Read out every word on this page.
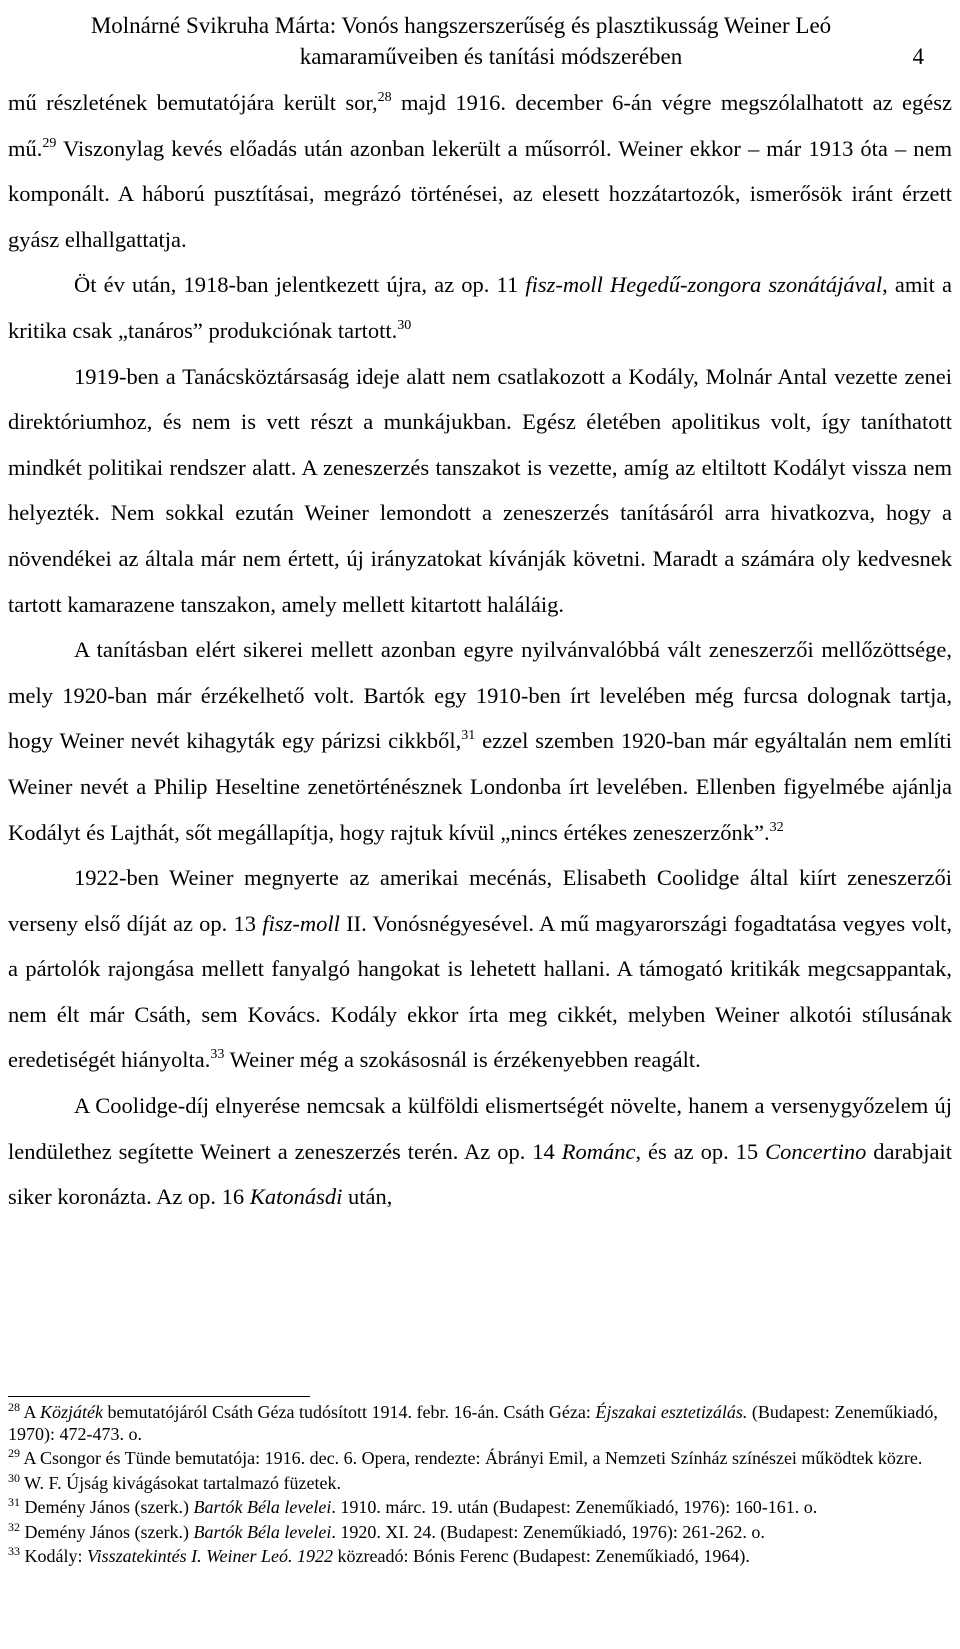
Molnárné Svikruha Márta: Vonós hangszerszerűség és plasztikusság Weiner Leó
kamaraműveiben és tanítási módszerében	4

mű részletének bemutatójára került sor,$^{28}$ majd 1916. december 6-án végre megszólalhatott az egész mű.$^{29}$ Viszonylag kevés előadás után azonban lekerült a műsorról. Weiner ekkor – már 1913 óta – nem komponált. A háború pusztításai, megrázó történései, az elesett hozzátartozók, ismerősök iránt érzett gyász elhallgattatja.

Öt év után, 1918-ban jelentkezett újra, az op. 11 fisz-moll Hegedű-zongora szonátájával, amit a kritika csak „tanáros” produkciónak tartott.$^{30}$

1919-ben a Tanácsköztársaság ideje alatt nem csatlakozott a Kodály, Molnár Antal vezette zenei direktóriumhoz, és nem is vett részt a munkájukban. Egész életében apolitikus volt, így taníthatott mindkét politikai rendszer alatt. A zeneszerzés tanszakot is vezette, amíg az eltiltott Kodályt vissza nem helyezték. Nem sokkal ezután Weiner lemondott a zeneszerzés tanításáról arra hivatkozva, hogy a növendékei az általa már nem értett, új irányzatokat kívánják követni. Maradt a számára oly kedvesnek tartott kamarazene tanszakon, amely mellett kitartott haláláig.

A tanításban elért sikerei mellett azonban egyre nyilvánvalóbbá vált zeneszerzői mellőzöttsége, mely 1920-ban már érzékelhető volt. Bartók egy 1910-ben írt levelében még furcsa dolognak tartja, hogy Weiner nevét kihagyták egy párizsi cikkből,$^{31}$ ezzel szemben 1920-ban már egyáltalán nem említi Weiner nevét a Philip Heseltine zenetörténésznek Londonba írt levelében. Ellenben figyelmébe ajánlja Kodályt és Lajthát, sőt megállapítja, hogy rajtuk kívül „nincs értékes zeneszerzőnk”.$^{32}$

1922-ben Weiner megnyerte az amerikai mecénás, Elisabeth Coolidge által kiírt zeneszerzői verseny első díját az op. 13 fisz-moll II. Vonósnégyesével. A mű magyarországi fogadtatása vegyes volt, a pártolók rajongása mellett fanyalgó hangokat is lehetett hallani. A támogató kritikák megcsappantak, nem élt már Csáth, sem Kovács. Kodály ekkor írta meg cikkét, melyben Weiner alkotói stílusának eredetiségét hiányolta.$^{33}$ Weiner még a szokásosnál is érzékenyebben reagált.

A Coolidge-díj elnyerése nemcsak a külföldi elismertségét növelte, hanem a versenygyőzelem új lendülethez segítette Weinert a zeneszerzés terén. Az op. 14 Románc, és az op. 15 Concertino darabjait siker koronázta. Az op. 16 Katonásdi után,

$^{28}$ A Közjáték bemutatójáról Csáth Géza tudósított 1914. febr. 16-án. Csáth Géza: Éjszakai esztetizálás. (Budapest: Zeneműkiadó, 1970): 472-473. o.

$^{29}$ A Csongor és Tünde bemutatója: 1916. dec. 6. Opera, rendezte: Ábrányi Emil, a Nemzeti Színház színészei működtek közre.

$^{30}$ W. F. Újság kivágásokat tartalmazó füzetek.

$^{31}$ Demény János (szerk.) Bartók Béla levelei. 1910. márc. 19. után (Budapest: Zeneműkiadó, 1976): 160-161. o.

$^{32}$ Demény János (szerk.) Bartók Béla levelei. 1920. XI. 24. (Budapest: Zeneműkiadó, 1976): 261-262. o.

$^{33}$ Kodály: Visszatekintés I. Weiner Leó. 1922 közreadó: Bónis Ferenc (Budapest: Zeneműkiadó, 1964).
